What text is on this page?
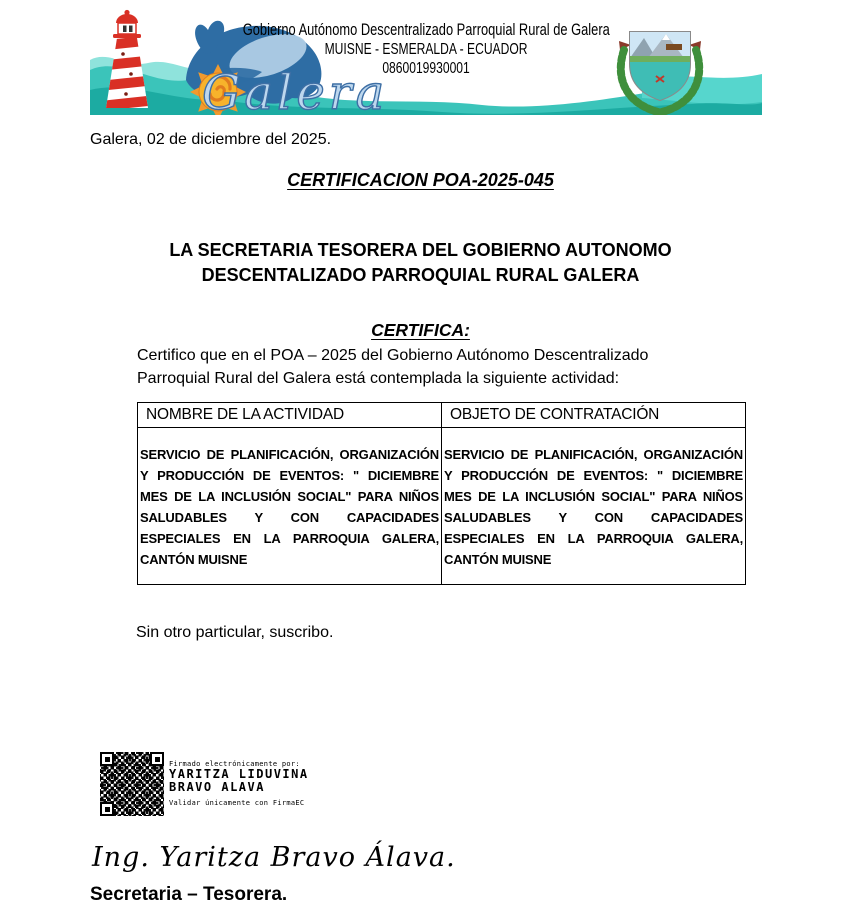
Galera
Gobierno Autónomo Descentralizado Parroquial Rural de Galera
MUISNE - ESMERALDA - ECUADOR
0860019930001
Galera, 02 de diciembre del 2025.
CERTIFICACION POA-2025-045
LA SECRETARIA TESORERA DEL GOBIERNO AUTONOMO
DESCENTALIZADO PARROQUIAL RURAL GALERA
CERTIFICA:
Certifico que en el POA – 2025 del Gobierno Autónomo Descentralizado Parroquial Rural del Galera está contemplada la siguiente actividad:
NOMBRE DE LA ACTIVIDAD	OBJETO DE CONTRATACIÓN
SERVICIO DE PLANIFICACIÓN, ORGANIZACIÓN Y PRODUCCIÓN DE EVENTOS: " DICIEMBRE MES DE LA INCLUSIÓN SOCIAL" PARA NIÑOS SALUDABLES Y CON CAPACIDADES ESPECIALES EN LA PARROQUIA GALERA, CANTÓN MUISNE	SERVICIO DE PLANIFICACIÓN, ORGANIZACIÓN Y PRODUCCIÓN DE EVENTOS: " DICIEMBRE MES DE LA INCLUSIÓN SOCIAL" PARA NIÑOS SALUDABLES Y CON CAPACIDADES ESPECIALES EN LA PARROQUIA GALERA, CANTÓN MUISNE
Sin otro particular, suscribo.
Firmado electrónicamente por:
YARITZA LIDUVINA
BRAVO ALAVA
Validar únicamente con FirmaEC
Ing. Yaritza Bravo Álava.
Secretaria – Tesorera.
